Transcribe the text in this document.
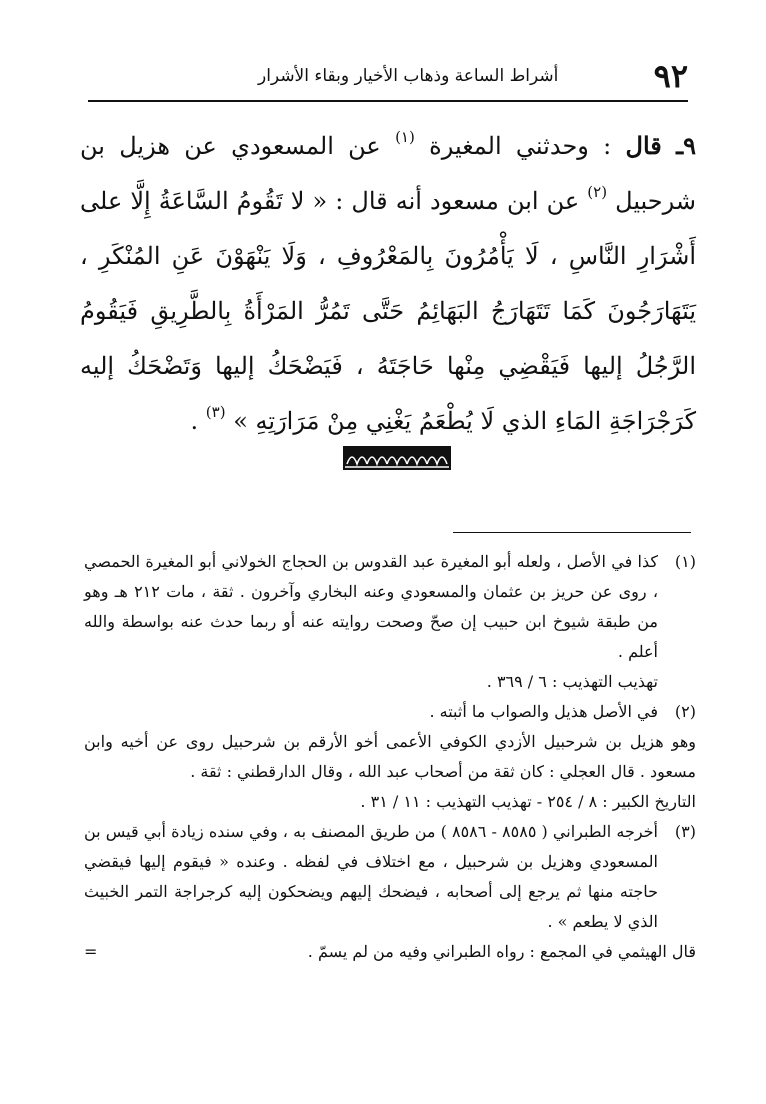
٩٢
أشراط الساعة وذهاب الأخيار وبقاء الأشرار

٩ـ قال : وحدثني المغيرة $^{(١)}$ عن المسعودي عن هزيل بن شرحبيل $^{(٢)}$ عن ابن مسعود أنه قال : « لا تَقُومُ السَّاعَةُ إِلَّا على أَشْرَارِ النَّاسِ ، لَا يَأْمُرُونَ بِالمَعْرُوفِ ، وَلَا يَنْهَوْنَ عَنِ المُنْكَرِ ، يَتَهَارَجُونَ كَمَا تَتَهَارَجُ البَهَائِمُ حَتَّى تَمُرُّ المَرْأَةُ بِالطَّرِيقِ فَيَقُومُ الرَّجُلُ إليها فَيَقْضِي مِنْها حَاجَتَهُ ، فَيَضْحَكُ إليها وَتَضْحَكُ إليه كَرَجْرَاجَةِ المَاءِ الذي لَا يُطْعَمُ يَغْنِي مِنْ مَرَارَتِهِ » $^{(٣)}$ .

(١)

كذا في الأصل ، ولعله أبو المغيرة عبد القدوس بن الحجاج الخولاني أبو المغيرة الحمصي ، روى عن حريز بن عثمان والمسعودي وعنه البخاري وآخرون . ثقة ، مات ٢١٢ هـ وهو من طبقة شيوخ ابن حبيب إن صحّ وصحت روايته عنه أو ربما حدث عنه بواسطة والله أعلم .

تهذيب التهذيب : ٦ / ٣٦٩ .

(٢)

في الأصل هذيل والصواب ما أثبته .

وهو هزيل بن شرحبيل الأزدي الكوفي الأعمى أخو الأرقم بن شرحبيل روى عن أخيه وابن مسعود . قال العجلي : كان ثقة من أصحاب عبد الله ، وقال الدارقطني : ثقة .

التاريخ الكبير : ٨ / ٢٥٤ - تهذيب التهذيب : ١١ / ٣١ .

(٣)

أخرجه الطبراني ( ٨٥٨٥ - ٨٥٨٦ ) من طريق المصنف به ، وفي سنده زيادة أبي قيس بن المسعودي وهزيل بن شرحبيل ، مع اختلاف في لفظه . وعنده « فيقوم إليها فيقضي حاجته منها ثم يرجع إلى أصحابه ، فيضحك إليهم ويضحكون إليه كرجراجة التمر الخبيث الذي لا يطعم » .

قال الهيثمي في المجمع : رواه الطبراني وفيه من لم يسمّ .

=
